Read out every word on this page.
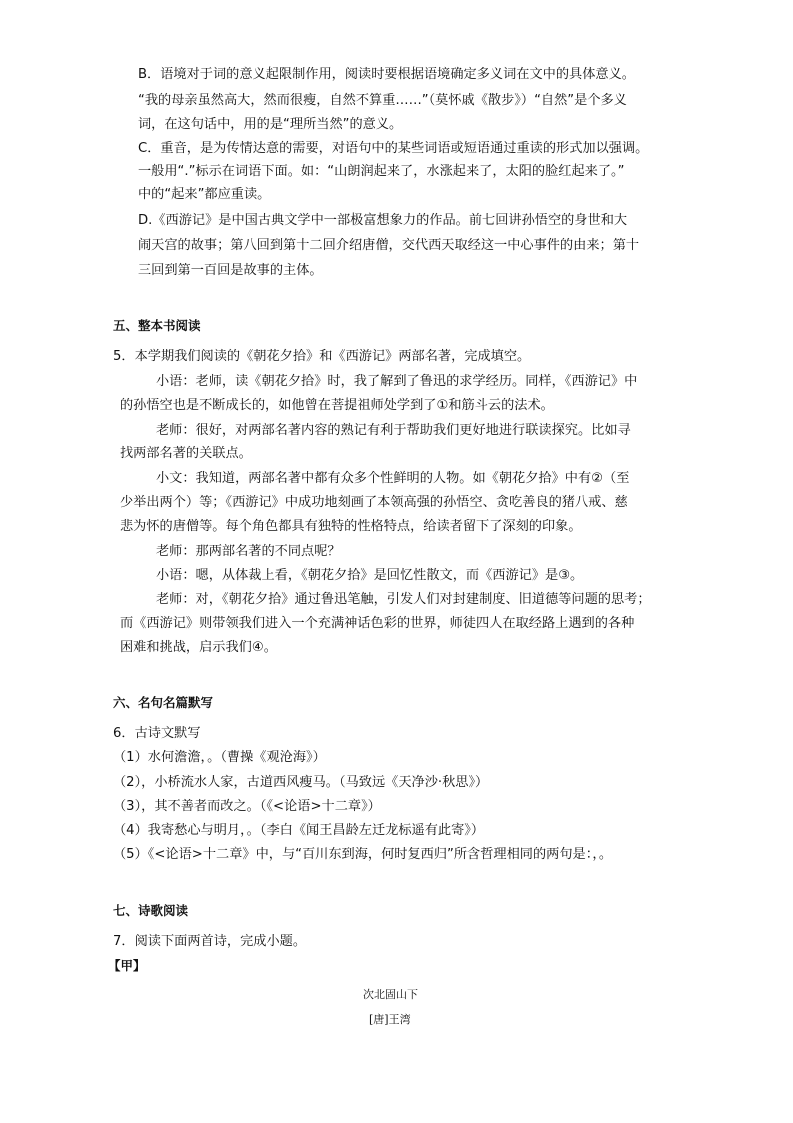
B．语境对于词的意义起限制作用，阅读时要根据语境确定多义词在文中的具体意义。
“我的母亲虽然高大，然而很瘦，自然不算重……”（莫怀戚《散步》）“自然”是个多义
词，在这句话中，用的是“理所当然”的意义。
C．重音，是为传情达意的需要，对语句中的某些词语或短语通过重读的形式加以强调。
一般用“.”标示在词语下面。如：“山朗润起来了，水涨起来了，太阳的脸红起来了。”
中的“起来”都应重读。
D.《西游记》是中国古典文学中一部极富想象力的作品。前七回讲孙悟空的身世和大
闹天宫的故事；第八回到第十二回介绍唐僧，交代西天取经这一中心事件的由来；第十
三回到第一百回是故事的主体。
五、整本书阅读
5．本学期我们阅读的《朝花夕拾》和《西游记》两部名著，完成填空。
小语：老师，读《朝花夕拾》时，我了解到了鲁迅的求学经历。同样，《西游记》中
的孙悟空也是不断成长的，如他曾在菩提祖师处学到了①和筋斗云的法术。
老师：很好，对两部名著内容的熟记有利于帮助我们更好地进行联读探究。比如寻
找两部名著的关联点。
小文：我知道，两部名著中都有众多个性鲜明的人物。如《朝花夕拾》中有②（至
少举出两个）等；《西游记》中成功地刻画了本领高强的孙悟空、贪吃善良的猪八戒、慈
悲为怀的唐僧等。每个角色都具有独特的性格特点，给读者留下了深刻的印象。
老师：那两部名著的不同点呢？
小语：嗯，从体裁上看，《朝花夕拾》是回忆性散文，而《西游记》是③。
老师：对，《朝花夕拾》通过鲁迅笔触，引发人们对封建制度、旧道德等问题的思考；
而《西游记》则带领我们进入一个充满神话色彩的世界，师徒四人在取经路上遇到的各种
困难和挑战，启示我们④。
六、名句名篇默写
6．古诗文默写
（1）水何澹澹，。（曹操《观沧海》）
（2），小桥流水人家，古道西风瘦马。（马致远《天净沙·秋思》）
（3），其不善者而改之。（《<论语>十二章》）
（4）我寄愁心与明月，。（李白《闻王昌龄左迁龙标遥有此寄》）
（5）《<论语>十二章》中，与“百川东到海，何时复西归”所含哲理相同的两句是：，。
七、诗歌阅读
7．阅读下面两首诗，完成小题。
【甲】
次北固山下
[唐]王湾
